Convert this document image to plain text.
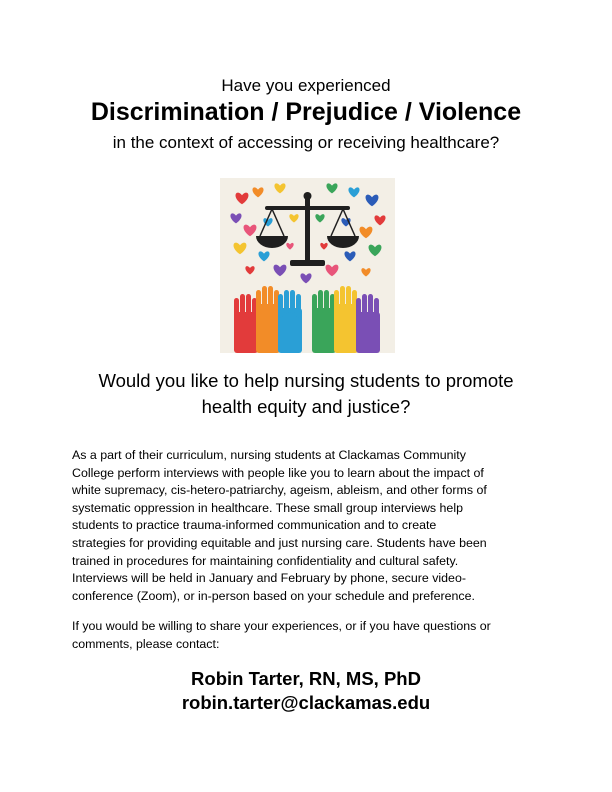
Have you experienced
Discrimination / Prejudice / Violence
in the context of accessing or receiving healthcare?
Would you like to help nursing students to promote
health equity and justice?
As a part of their curriculum, nursing students at Clackamas Community
College perform interviews with people like you to learn about the impact of
white supremacy, cis-hetero-patriarchy, ageism, ableism, and other forms of
systematic oppression in healthcare. These small group interviews help
students to practice trauma-informed communication and to create
strategies for providing equitable and just nursing care. Students have been
trained in procedures for maintaining confidentiality and cultural safety.
Interviews will be held in January and February by phone, secure video-
conference (Zoom), or in-person based on your schedule and preference.
If you would be willing to share your experiences, or if you have questions or
comments, please contact:
Robin Tarter, RN, MS, PhD
robin.tarter@clackamas.edu
